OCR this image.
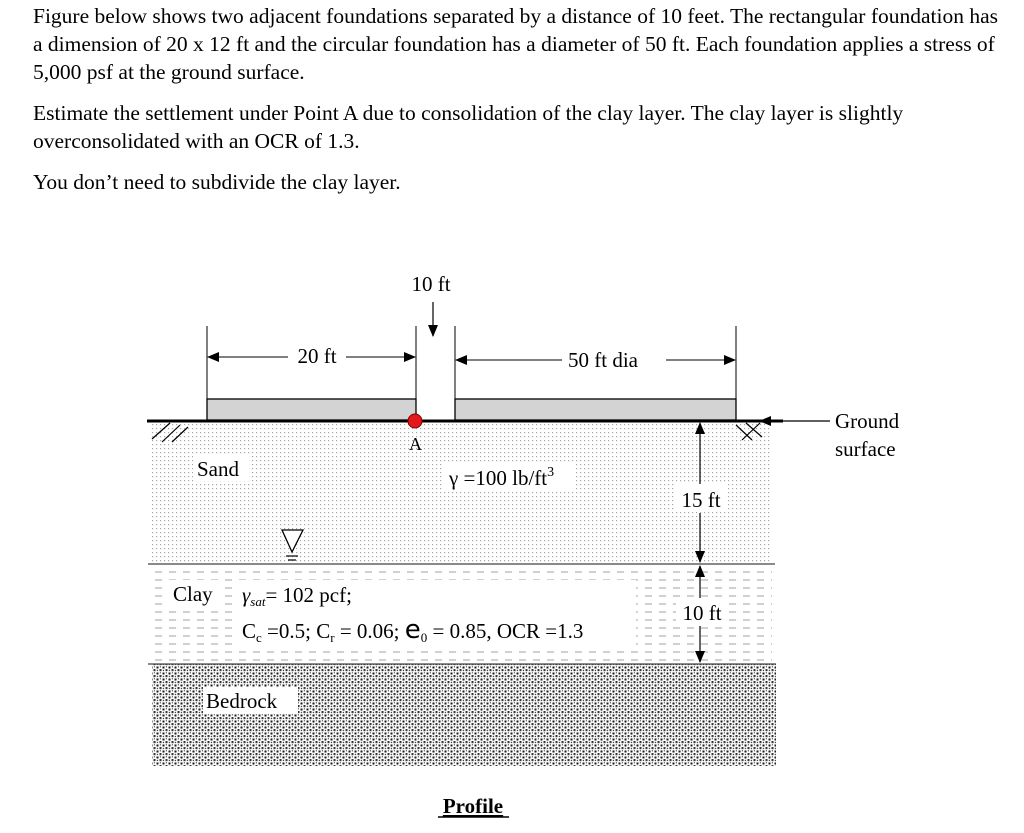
Figure below shows two adjacent foundations separated by a distance of 10 feet. The rectangular foundation has a dimension of 20 x 12 ft and the circular foundation has a diameter of 50 ft. Each foundation applies a stress of 5,000 psf at the ground surface.

Estimate the settlement under Point A due to consolidation of the clay layer. The clay layer is slightly overconsolidated with an OCR of 1.3.

You don’t need to subdivide the clay layer.

20 ft	50 ft dia
10 ft
A
Ground
surface
Sand	γ =100 $lb/ft^3$
15 ft
Clay γsat= 102 pcf;
Cc =0.5; Cr = 0.06; e0 = 0.85, OCR =1.3
10 ft
Bedrock
Profile
